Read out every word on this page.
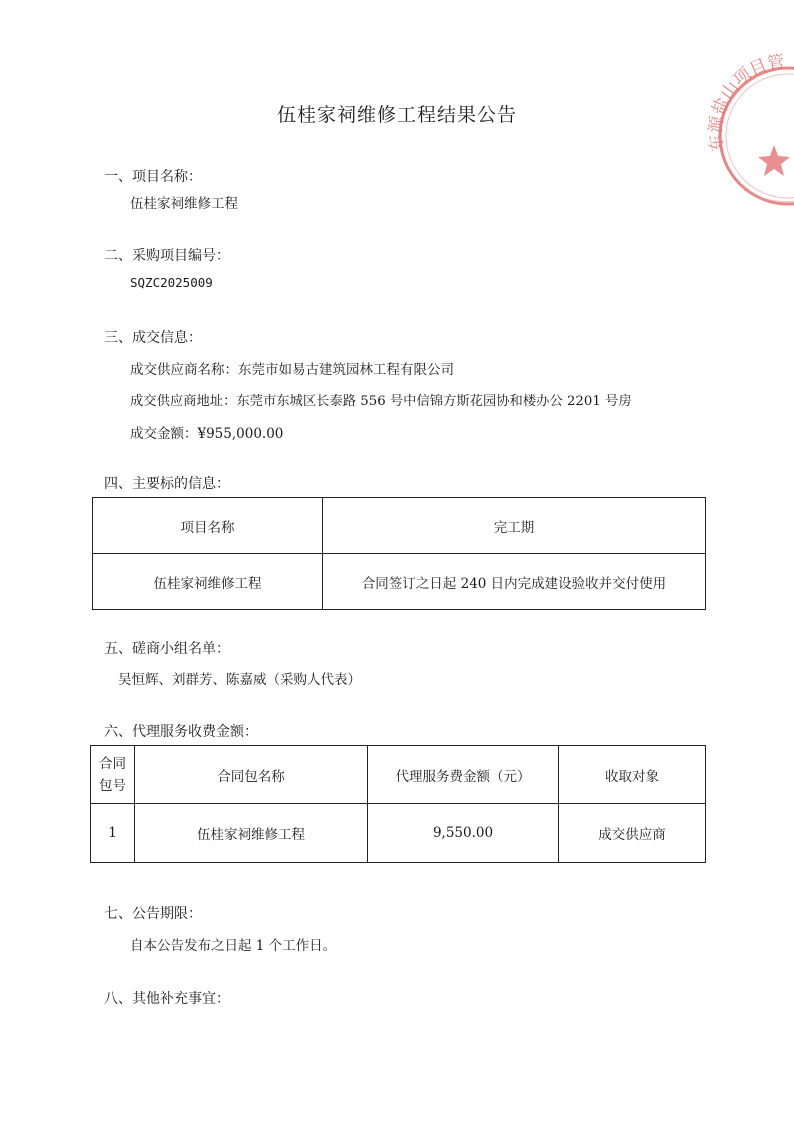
伍桂家祠维修工程结果公告
一、项目名称：
伍桂家祠维修工程
二、采购项目编号：
SQZC2025009
三、成交信息：
成交供应商名称：东莞市如易古建筑园林工程有限公司
成交供应商地址：东莞市东城区长泰路 556 号中信锦方斯花园协和楼办公 2201 号房
成交金额：¥955,000.00
四、主要标的信息：
项目名称	完工期
伍桂家祠维修工程	合同签订之日起 240 日内完成建设验收并交付使用
五、磋商小组名单：
吴恒辉、刘群芳、陈嘉威（采购人代表）
六、代理服务收费金额：
合同
包号	合同包名称	代理服务费金额（元）	收取对象
1	伍桂家祠维修工程	9,550.00	成交供应商
七、公告期限：
自本公告发布之日起 1 个工作日。
八、其他补充事宜：
东源盐山项目管
